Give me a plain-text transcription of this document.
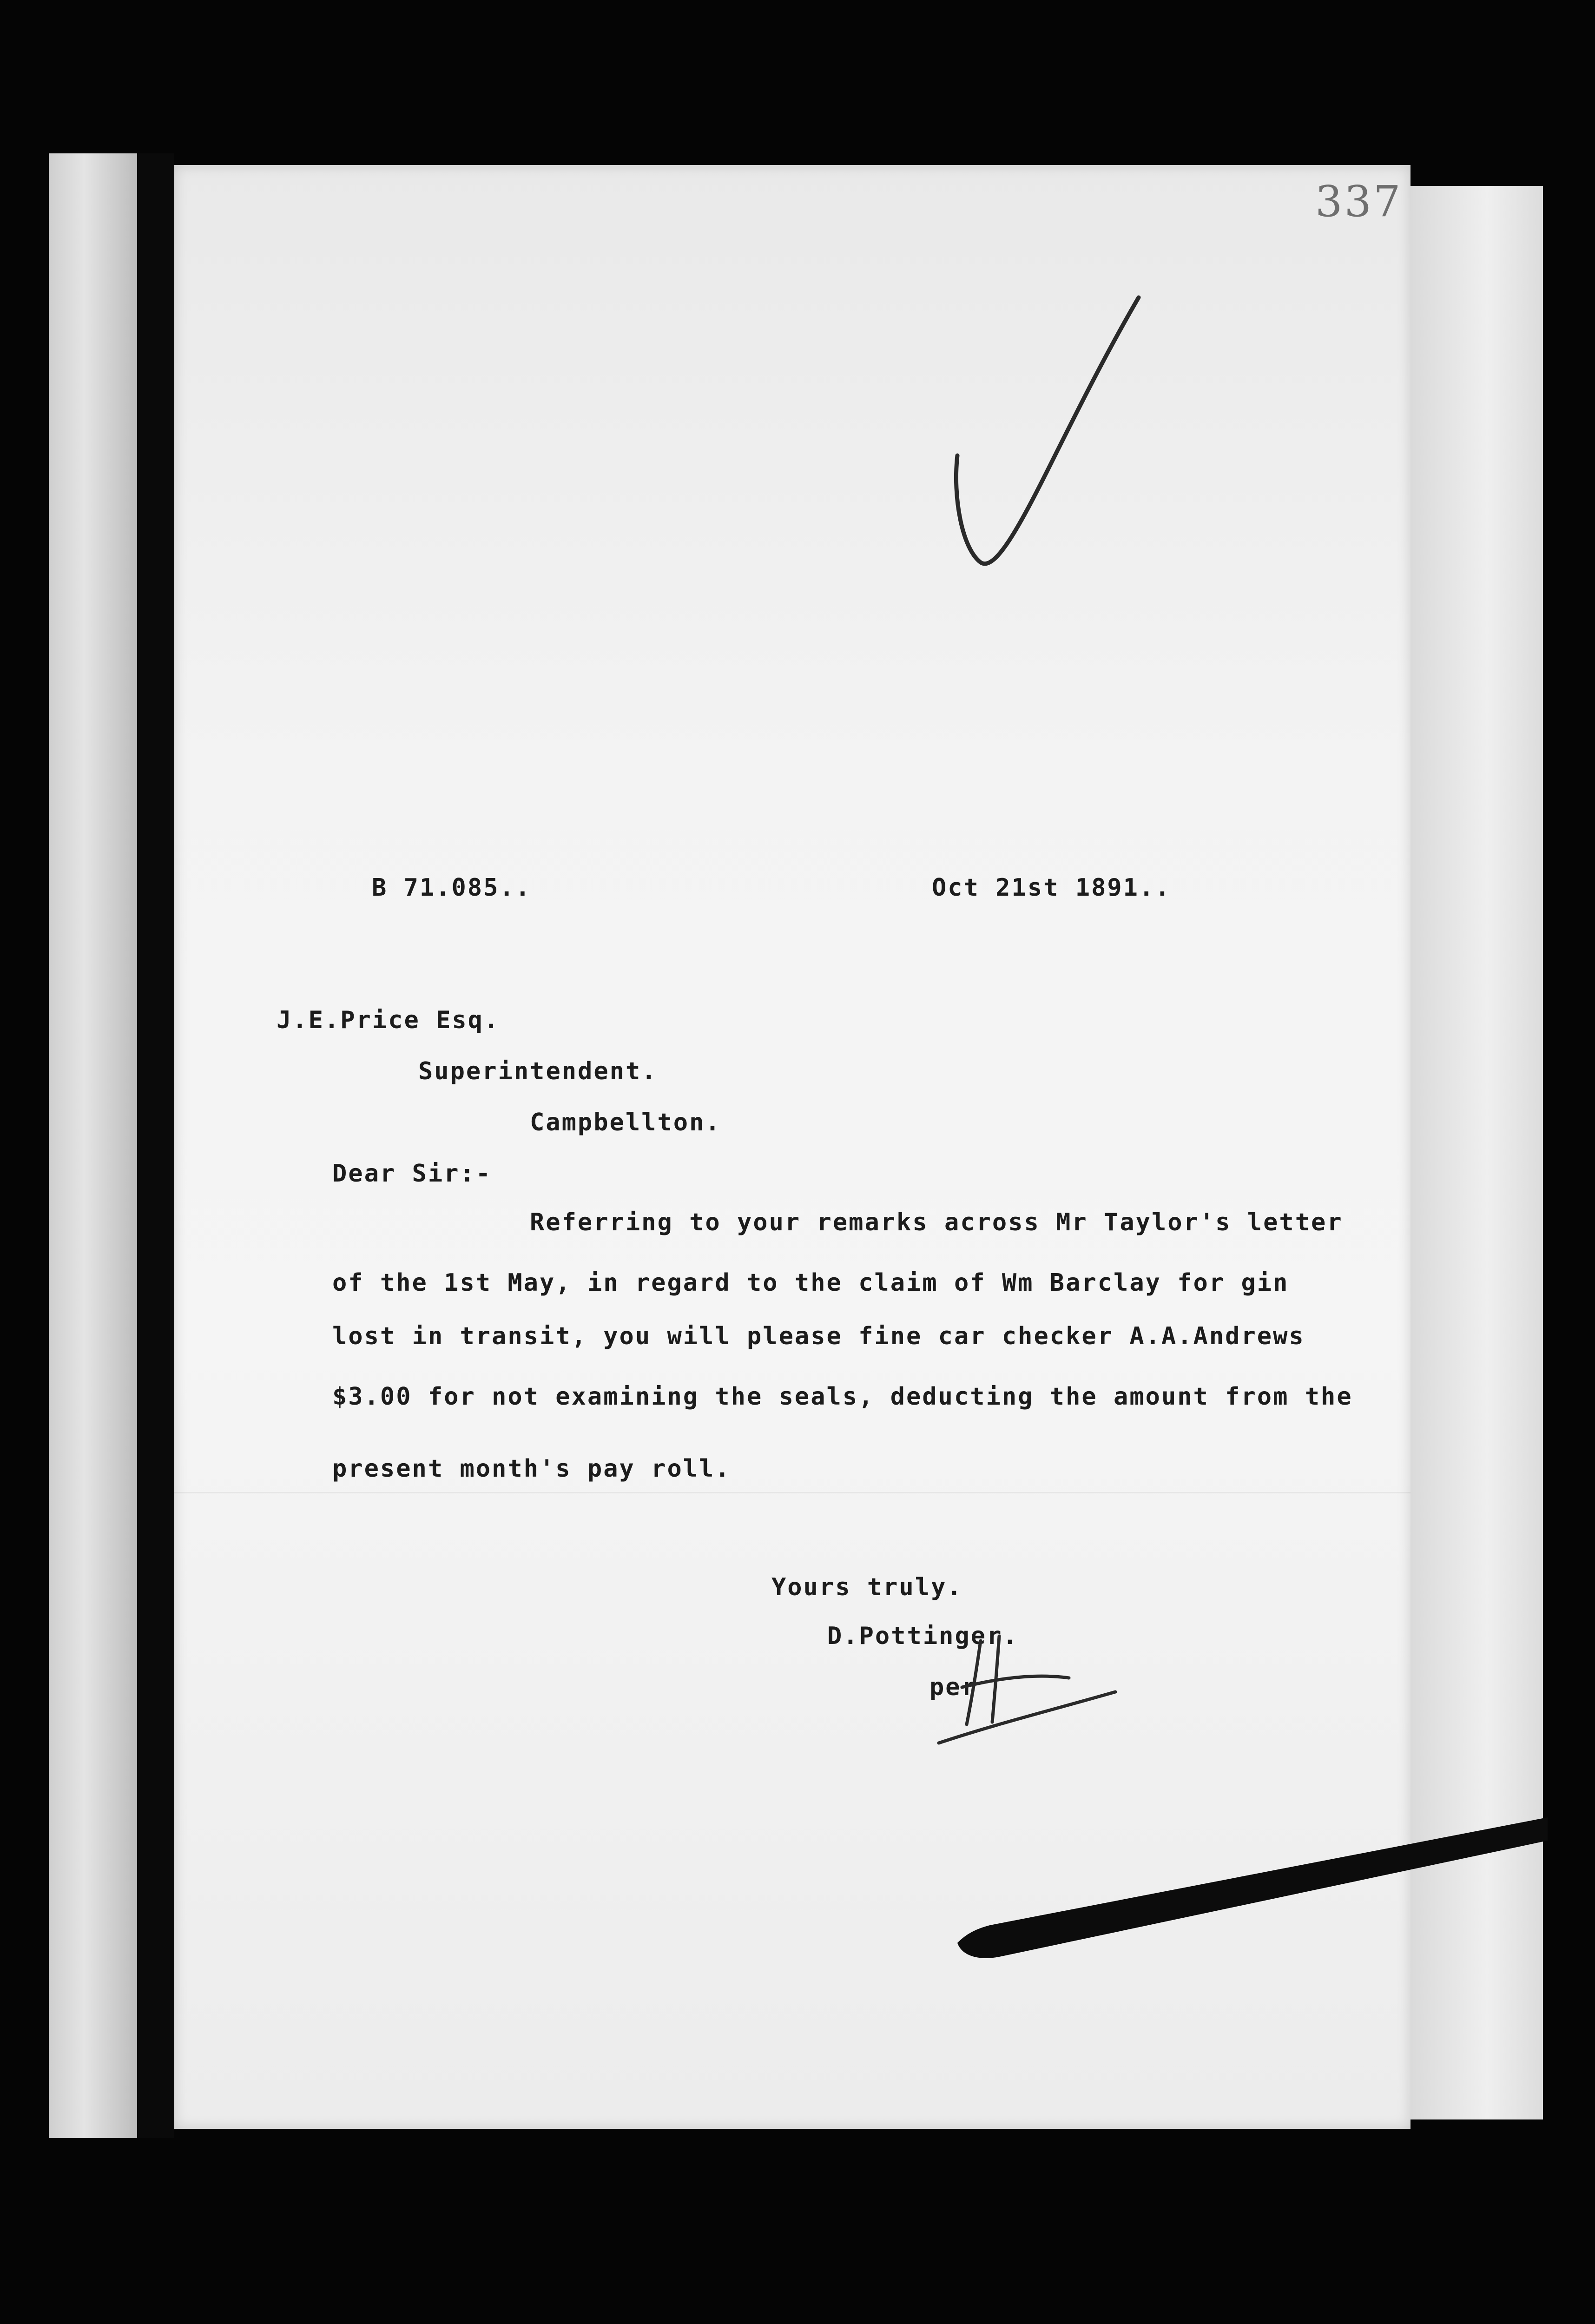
337
B 71.085..	Oct 21st 1891..
J.E.Price Esq.
Superintendent.
Campbellton.
Dear Sir:-
Referring to your remarks across Mr Taylor's letter
of the 1st May, in regard to the claim of Wm Barclay for gin
lost in transit, you will please fine car checker A.A.Andrews
$3.00 for not examining the seals, deducting the amount from the
present month's pay roll.
Yours truly.
D.Pottinger.
per
